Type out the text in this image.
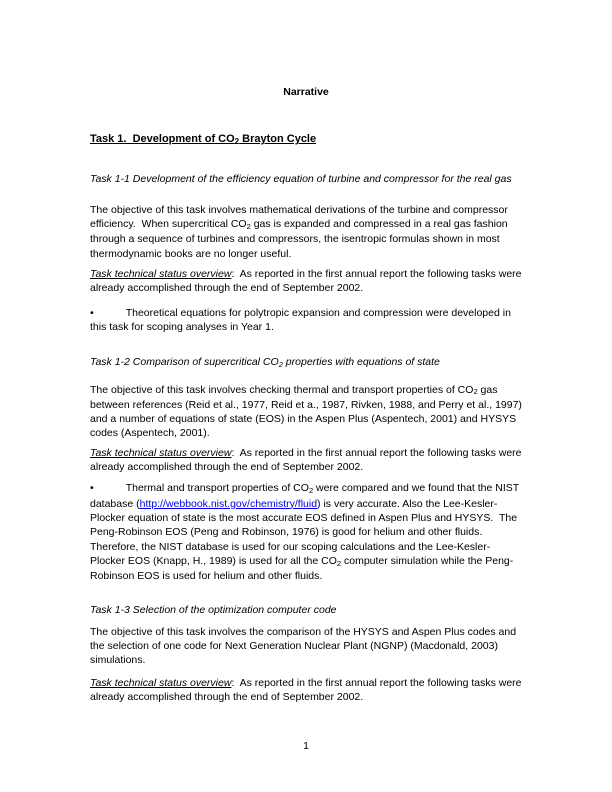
Narrative

Task 1.  Development of CO2 Brayton Cycle

Task 1-1 Development of the efficiency equation of turbine and compressor for the real gas

The objective of this task involves mathematical derivations of the turbine and compressor efficiency.  When supercritical CO2 gas is expanded and compressed in a real gas fashion through a sequence of turbines and compressors, the isentropic formulas shown in most thermodynamic books are no longer useful.

Task technical status overview:  As reported in the first annual report the following tasks were already accomplished through the end of September 2002.

•	Theoretical equations for polytropic expansion and compression were developed in this task for scoping analyses in Year 1.

Task 1-2 Comparison of supercritical CO2 properties with equations of state

The objective of this task involves checking thermal and transport properties of CO2 gas between references (Reid et al., 1977, Reid et a., 1987, Rivken, 1988, and Perry et al., 1997) and a number of equations of state (EOS) in the Aspen Plus (Aspentech, 2001) and HYSYS codes (Aspentech, 2001).

Task technical status overview:  As reported in the first annual report the following tasks were already accomplished through the end of September 2002.

•	Thermal and transport properties of CO2 were compared and we found that the NIST database (http://webbook.nist.gov/chemistry/fluid) is very accurate. Also the Lee-Kesler-Plocker equation of state is the most accurate EOS defined in Aspen Plus and HYSYS.  The Peng-Robinson EOS (Peng and Robinson, 1976) is good for helium and other fluids. Therefore, the NIST database is used for our scoping calculations and the Lee-Kesler-Plocker EOS (Knapp, H., 1989) is used for all the CO2 computer simulation while the Peng-Robinson EOS is used for helium and other fluids.

Task 1-3 Selection of the optimization computer code

The objective of this task involves the comparison of the HYSYS and Aspen Plus codes and the selection of one code for Next Generation Nuclear Plant (NGNP) (Macdonald, 2003) simulations.

Task technical status overview:  As reported in the first annual report the following tasks were already accomplished through the end of September 2002.

1
